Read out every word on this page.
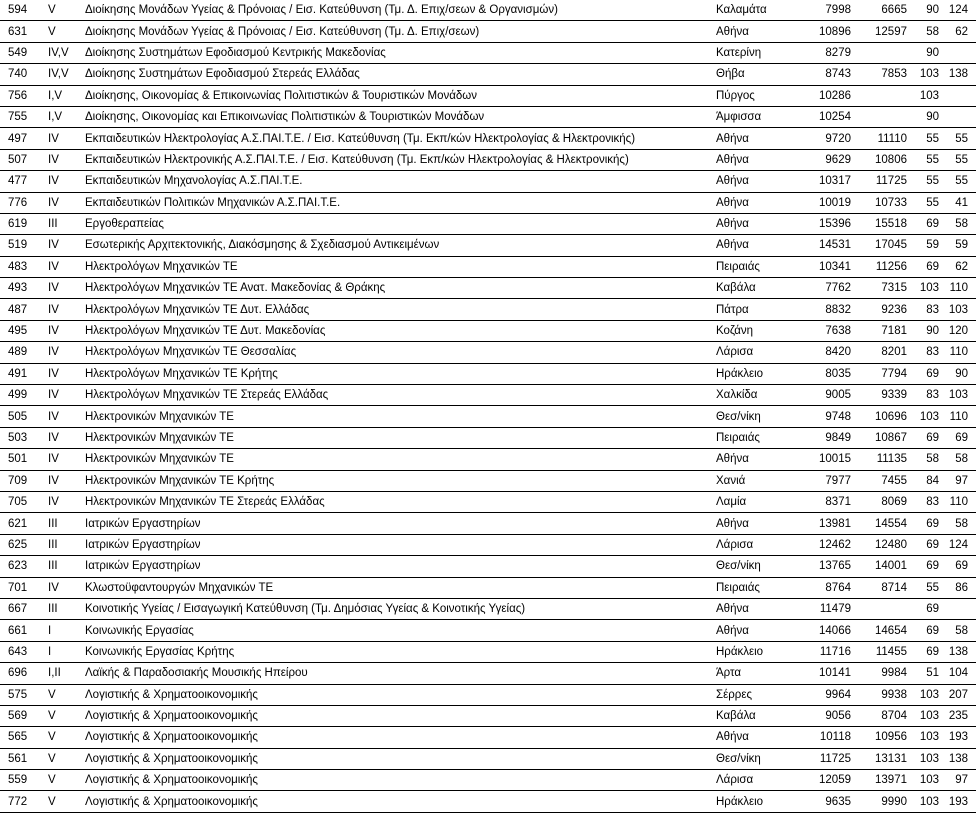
594	V	Διοίκησης Μονάδων Υγείας & Πρόνοιας / Εισ. Κατεύθυνση (Τμ. Δ. Επιχ/σεων & Οργανισμών)	Καλαμάτα	7998	6665	90	124
631	V	Διοίκησης Μονάδων Υγείας & Πρόνοιας / Εισ. Κατεύθυνση (Τμ. Δ. Επιχ/σεων)	Αθήνα	10896	12597	58	62
549	IV,V	Διοίκησης Συστημάτων Εφοδιασμού Κεντρικής Μακεδονίας	Κατερίνη	8279		90	
740	IV,V	Διοίκησης Συστημάτων Εφοδιασμού Στερεάς Ελλάδας	Θήβα	8743	7853	103	138
756	I,V	Διοίκησης, Οικονομίας & Επικοινωνίας Πολιτιστικών & Τουριστικών Μονάδων	Πύργος	10286		103	
755	I,V	Διοίκησης, Οικονομίας και Επικοινωνίας Πολιτιστικών & Τουριστικών Μονάδων	Άμφισσα	10254		90	
497	IV	Εκπαιδευτικών Ηλεκτρολογίας Α.Σ.ΠΑΙ.Τ.Ε. / Εισ. Κατεύθυνση (Τμ. Εκπ/κών Ηλεκτρολογίας & Ηλεκτρονικής)	Αθήνα	9720	11110	55	55
507	IV	Εκπαιδευτικών Ηλεκτρονικής Α.Σ.ΠΑΙ.Τ.Ε. / Εισ. Κατεύθυνση (Τμ. Εκπ/κών Ηλεκτρολογίας & Ηλεκτρονικής)	Αθήνα	9629	10806	55	55
477	IV	Εκπαιδευτικών Μηχανολογίας Α.Σ.ΠΑΙ.Τ.Ε.	Αθήνα	10317	11725	55	55
776	IV	Εκπαιδευτικών Πολιτικών Μηχανικών Α.Σ.ΠΑΙ.Τ.Ε.	Αθήνα	10019	10733	55	41
619	III	Εργοθεραπείας	Αθήνα	15396	15518	69	58
519	IV	Εσωτερικής Αρχιτεκτονικής, Διακόσμησης & Σχεδιασμού Αντικειμένων	Αθήνα	14531	17045	59	59
483	IV	Ηλεκτρολόγων Μηχανικών ΤΕ	Πειραιάς	10341	11256	69	62
493	IV	Ηλεκτρολόγων Μηχανικών ΤΕ Ανατ. Μακεδονίας & Θράκης	Καβάλα	7762	7315	103	110
487	IV	Ηλεκτρολόγων Μηχανικών ΤΕ Δυτ. Ελλάδας	Πάτρα	8832	9236	83	103
495	IV	Ηλεκτρολόγων Μηχανικών ΤΕ Δυτ. Μακεδονίας	Κοζάνη	7638	7181	90	120
489	IV	Ηλεκτρολόγων Μηχανικών ΤΕ Θεσσαλίας	Λάρισα	8420	8201	83	110
491	IV	Ηλεκτρολόγων Μηχανικών ΤΕ Κρήτης	Ηράκλειο	8035	7794	69	90
499	IV	Ηλεκτρολόγων Μηχανικών ΤΕ Στερεάς Ελλάδας	Χαλκίδα	9005	9339	83	103
505	IV	Ηλεκτρονικών Μηχανικών ΤΕ	Θεσ/νίκη	9748	10696	103	110
503	IV	Ηλεκτρονικών Μηχανικών ΤΕ	Πειραιάς	9849	10867	69	69
501	IV	Ηλεκτρονικών Μηχανικών ΤΕ	Αθήνα	10015	11135	58	58
709	IV	Ηλεκτρονικών Μηχανικών ΤΕ Κρήτης	Χανιά	7977	7455	84	97
705	IV	Ηλεκτρονικών Μηχανικών ΤΕ Στερεάς Ελλάδας	Λαμία	8371	8069	83	110
621	III	Ιατρικών Εργαστηρίων	Αθήνα	13981	14554	69	58
625	III	Ιατρικών Εργαστηρίων	Λάρισα	12462	12480	69	124
623	III	Ιατρικών Εργαστηρίων	Θεσ/νίκη	13765	14001	69	69
701	IV	Κλωστοϋφαντουργών Μηχανικών ΤΕ	Πειραιάς	8764	8714	55	86
667	III	Κοινοτικής Υγείας / Εισαγωγική Κατεύθυνση (Τμ. Δημόσιας Υγείας & Κοινοτικής Υγείας)	Αθήνα	11479		69	
661	I	Κοινωνικής Εργασίας	Αθήνα	14066	14654	69	58
643	I	Κοινωνικής Εργασίας Κρήτης	Ηράκλειο	11716	11455	69	138
696	I,II	Λαϊκής & Παραδοσιακής Μουσικής Ηπείρου	Άρτα	10141	9984	51	104
575	V	Λογιστικής & Χρηματοοικονομικής	Σέρρες	9964	9938	103	207
569	V	Λογιστικής & Χρηματοοικονομικής	Καβάλα	9056	8704	103	235
565	V	Λογιστικής & Χρηματοοικονομικής	Αθήνα	10118	10956	103	193
561	V	Λογιστικής & Χρηματοοικονομικής	Θεσ/νίκη	11725	13131	103	138
559	V	Λογιστικής & Χρηματοοικονομικής	Λάρισα	12059	13971	103	97
772	V	Λογιστικής & Χρηματοοικονομικής	Ηράκλειο	9635	9990	103	193
